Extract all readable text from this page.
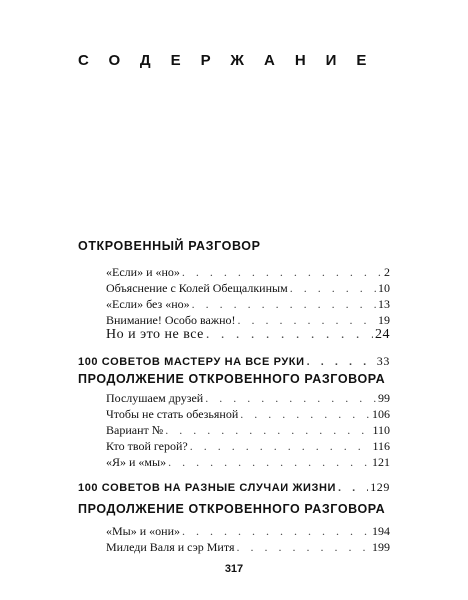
СОДЕРЖАНИЕ
ОТКРОВЕННЫЙ РАЗГОВОР
«Если» и «но» . . .	2
Объяснение с Колей Обещалкиным . . .	10
«Если» без «но» . . .	13
Внимание! Особо важно! . . .	19
Но и это не все . . .	24
100 СОВЕТОВ МАСТЕРУ НА ВСЕ РУКИ . . .	33
ПРОДОЛЖЕНИЕ ОТКРОВЕННОГО РАЗГОВОРА
Послушаем друзей . . .	99
Чтобы не стать обезьяной . . .	106
Вариант № . . .	110
Кто твой герой? . . .	116
«Я» и «мы» . . .	121
100 СОВЕТОВ НА РАЗНЫЕ СЛУЧАИ ЖИЗНИ . . .	129
ПРОДОЛЖЕНИЕ ОТКРОВЕННОГО РАЗГОВОРА
«Мы» и «они» . . .	194
Миледи Валя и сэр Митя . . .	199
317
